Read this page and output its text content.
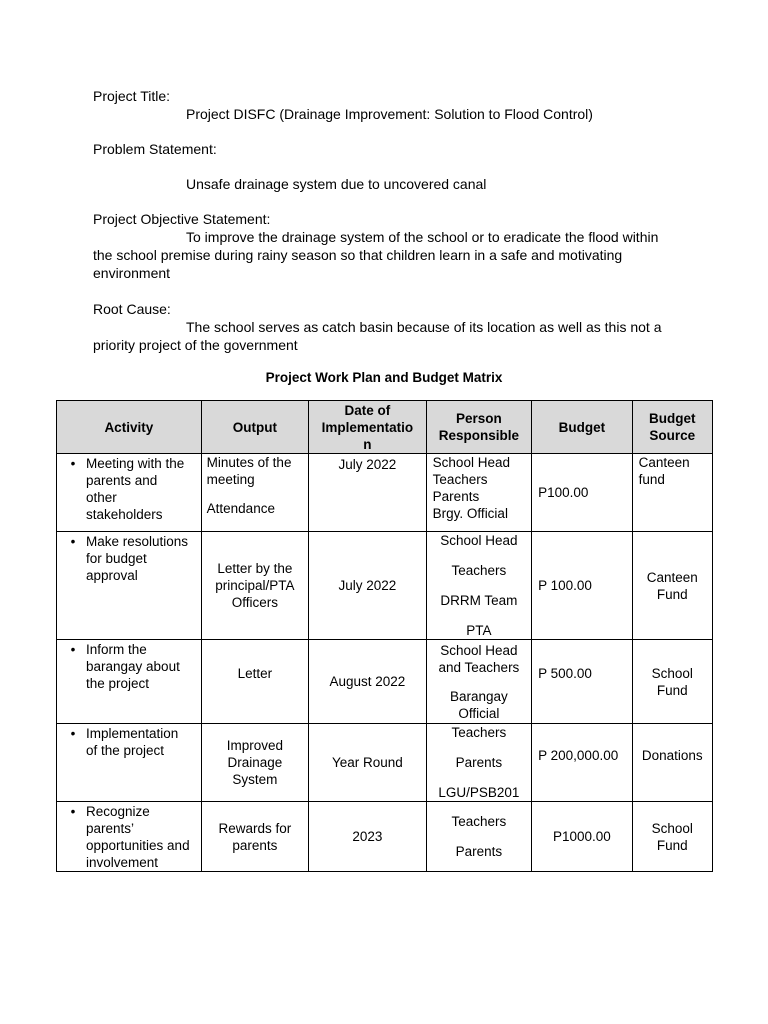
Project Title:
Project DISFC (Drainage Improvement: Solution to Flood Control)
Problem Statement:
Unsafe drainage system due to uncovered canal
Project Objective Statement:
To improve the drainage system of the school or to eradicate the flood within
the school premise during rainy season so that children learn in a safe and motivating
environment
Root Cause:
The school serves as catch basin because of its location as well as this not a
priority project of the government
Project Work Plan and Budget Matrix
Activity	Output	Date of
Implementatio
n	Person
Responsible	Budget	Budget
Source

• Meeting with the
parents and
other
stakeholders	Minutes of the
meeting
Attendance	July 2022	School Head
Teachers
Parents
Brgy. Official	P100.00	Canteen
fund

• Make resolutions
for budget
approval	Letter by the
principal/PTA
Officers	July 2022	School Head
Teachers
DRRM Team
PTA	P 100.00	Canteen
Fund

• Inform the
barangay about
the project	Letter	August 2022	School Head
and Teachers
Barangay
Official	P 500.00	School
Fund

• Implementation
of the project	Improved
Drainage
System	Year Round	Teachers
Parents
LGU/PSB201	P 200,000.00	Donations

• Recognize
parents’
opportunities and
involvement	Rewards for
parents	2023	Teachers
Parents	P1000.00	School
Fund
